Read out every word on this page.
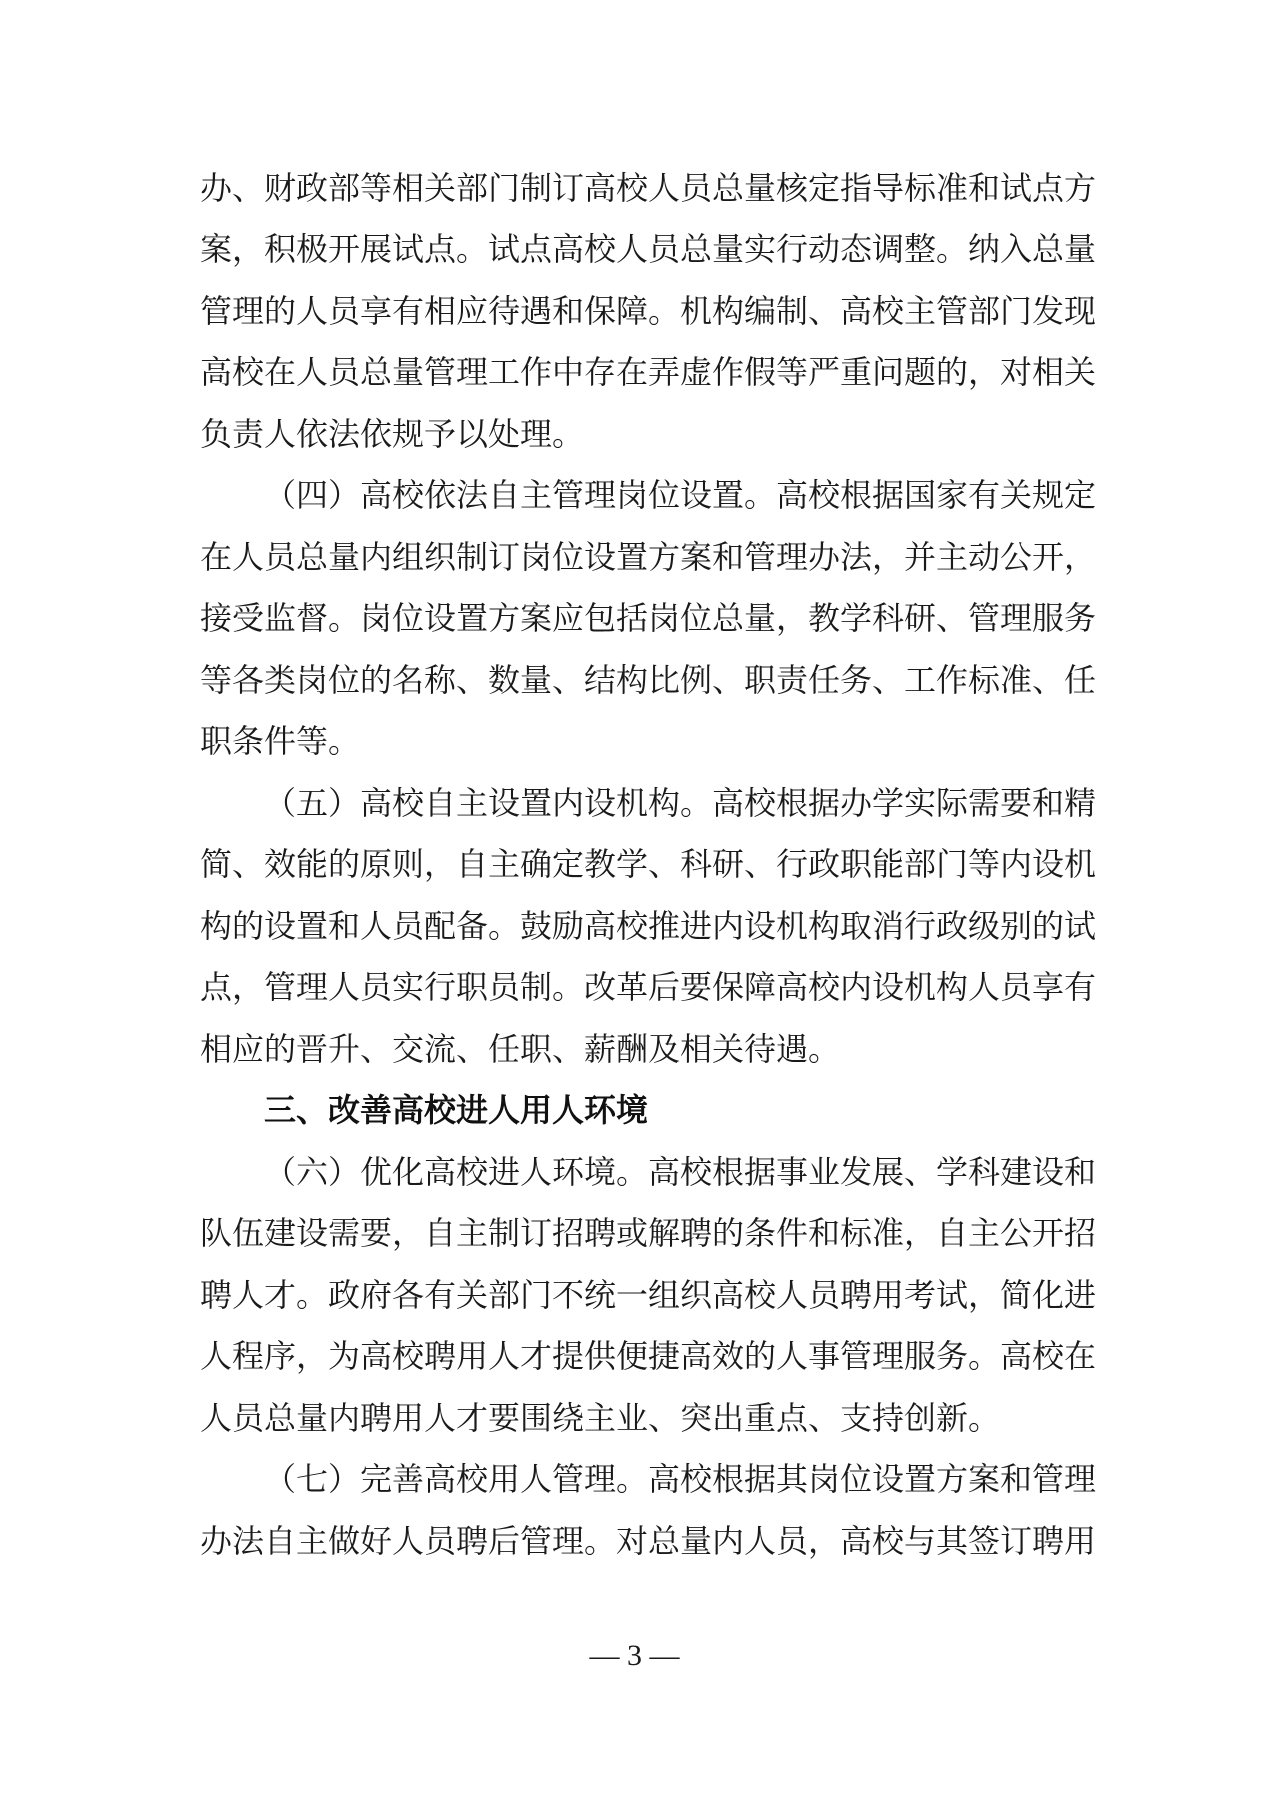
办、财政部等相关部门制订高校人员总量核定指导标准和试点方
案，积极开展试点。试点高校人员总量实行动态调整。纳入总量
管理的人员享有相应待遇和保障。机构编制、高校主管部门发现
高校在人员总量管理工作中存在弄虚作假等严重问题的，对相关
负责人依法依规予以处理。
（四）高校依法自主管理岗位设置。高校根据国家有关规定
在人员总量内组织制订岗位设置方案和管理办法，并主动公开，
接受监督。岗位设置方案应包括岗位总量，教学科研、管理服务
等各类岗位的名称、数量、结构比例、职责任务、工作标准、任
职条件等。
（五）高校自主设置内设机构。高校根据办学实际需要和精
简、效能的原则，自主确定教学、科研、行政职能部门等内设机
构的设置和人员配备。鼓励高校推进内设机构取消行政级别的试
点，管理人员实行职员制。改革后要保障高校内设机构人员享有
相应的晋升、交流、任职、薪酬及相关待遇。
三、改善高校进人用人环境
（六）优化高校进人环境。高校根据事业发展、学科建设和
队伍建设需要，自主制订招聘或解聘的条件和标准，自主公开招
聘人才。政府各有关部门不统一组织高校人员聘用考试，简化进
人程序，为高校聘用人才提供便捷高效的人事管理服务。高校在
人员总量内聘用人才要围绕主业、突出重点、支持创新。
（七）完善高校用人管理。高校根据其岗位设置方案和管理
办法自主做好人员聘后管理。对总量内人员，高校与其签订聘用
— 3 —
